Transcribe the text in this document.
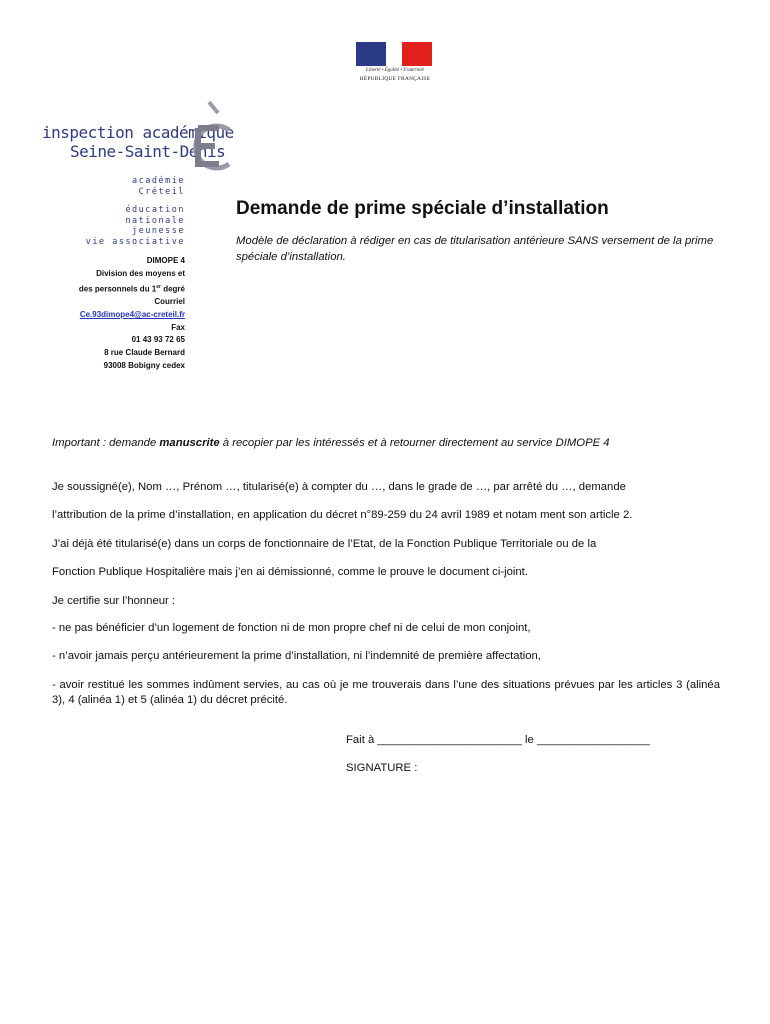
Liberté • Égalité • Fraternité
RÉPUBLIQUE FRANÇAISE
inspection académique
Seine-Saint-Denis
académie
Créteil
éducation
nationale
jeunesse
vie associative
DIMOPE 4
Division des moyens et
des personnels du 1er degré
Courriel
Ce.93dimope4@ac-creteil.fr
Fax
01 43 93 72 65
8 rue Claude Bernard
93008 Bobigny cedex
Demande de prime spéciale d’installation
Modèle de déclaration à rédiger en cas de titularisation antérieure SANS versement de la prime spéciale d’installation.
Important : demande manuscrite à recopier par les intéressés et à retourner directement au service DIMOPE 4
Je soussigné(e), Nom …, Prénom …, titularisé(e) à compter du …, dans le grade de …, par arrêté du …, demande
l’attribution de la prime d’installation, en application du décret n°89-259 du 24 avril 1989 et notam ment son article 2.
J’ai déjà été titularisé(e) dans un corps de fonctionnaire de l’Etat, de la Fonction Publique Territoriale ou de la
Fonction Publique Hospitalière mais j’en ai démissionné, comme le prouve le document ci-joint.
Je certifie sur l’honneur :
- ne pas bénéficier d’un logement de fonction ni de mon propre chef ni de celui de mon conjoint,
- n’avoir jamais perçu antérieurement la prime d’installation, ni l’indemnité de première affectation,
- avoir restitué les sommes indûment servies, au cas où je me trouverais dans l’une des situations prévues par les articles 3 (alinéa 3), 4 (alinéa 1) et 5 (alinéa 1) du décret précité.
Fait à _______________________ le __________________
SIGNATURE :
